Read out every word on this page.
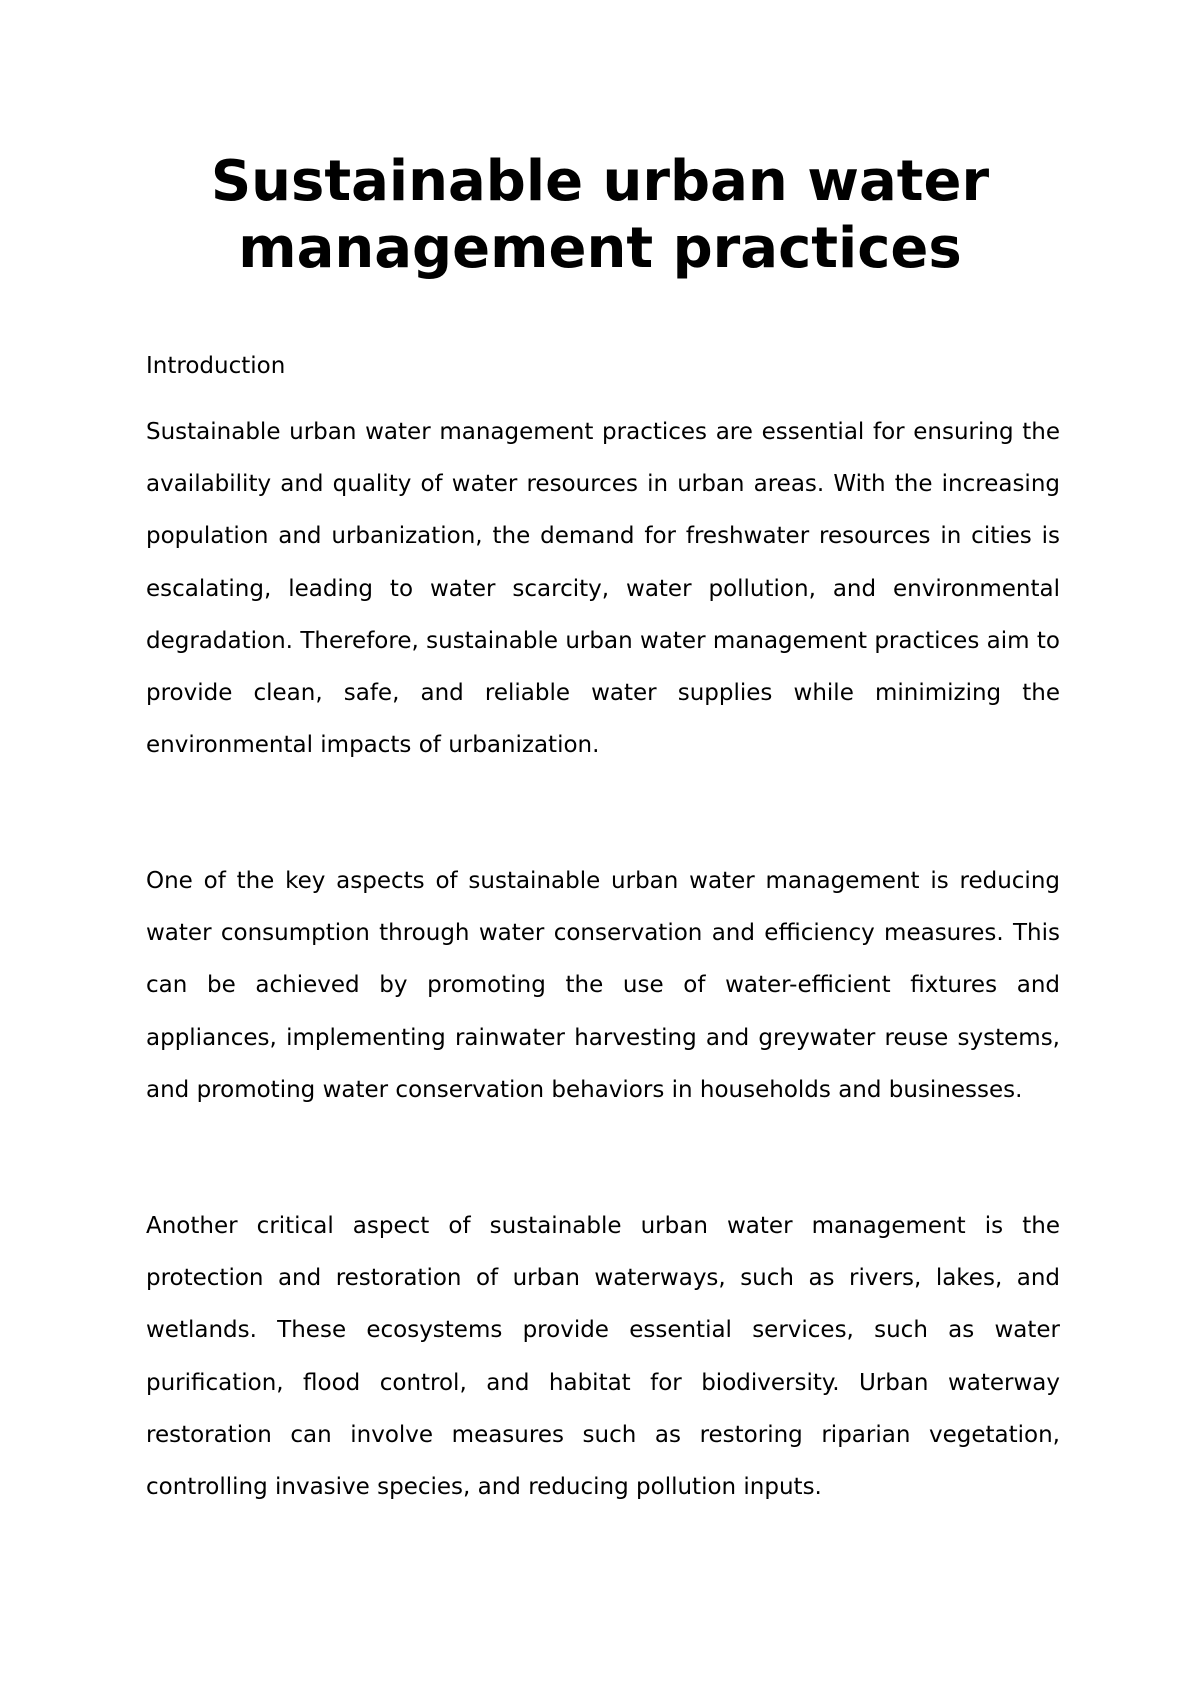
Sustainable urban water management practices

Introduction

Sustainable urban water management practices are essential for ensuring the availability and quality of water resources in urban areas. With the increasing population and urbanization, the demand for freshwater resources in cities is escalating, leading to water scarcity, water pollution, and environmental degradation. Therefore, sustainable urban water management practices aim to provide clean, safe, and reliable water supplies while minimizing the environmental impacts of urbanization.

One of the key aspects of sustainable urban water management is reducing water consumption through water conservation and efficiency measures. This can be achieved by promoting the use of water-efficient fixtures and appliances, implementing rainwater harvesting and greywater reuse systems, and promoting water conservation behaviors in households and businesses.

Another critical aspect of sustainable urban water management is the protection and restoration of urban waterways, such as rivers, lakes, and wetlands. These ecosystems provide essential services, such as water purification, flood control, and habitat for biodiversity. Urban waterway restoration can involve measures such as restoring riparian vegetation, controlling invasive species, and reducing pollution inputs.
